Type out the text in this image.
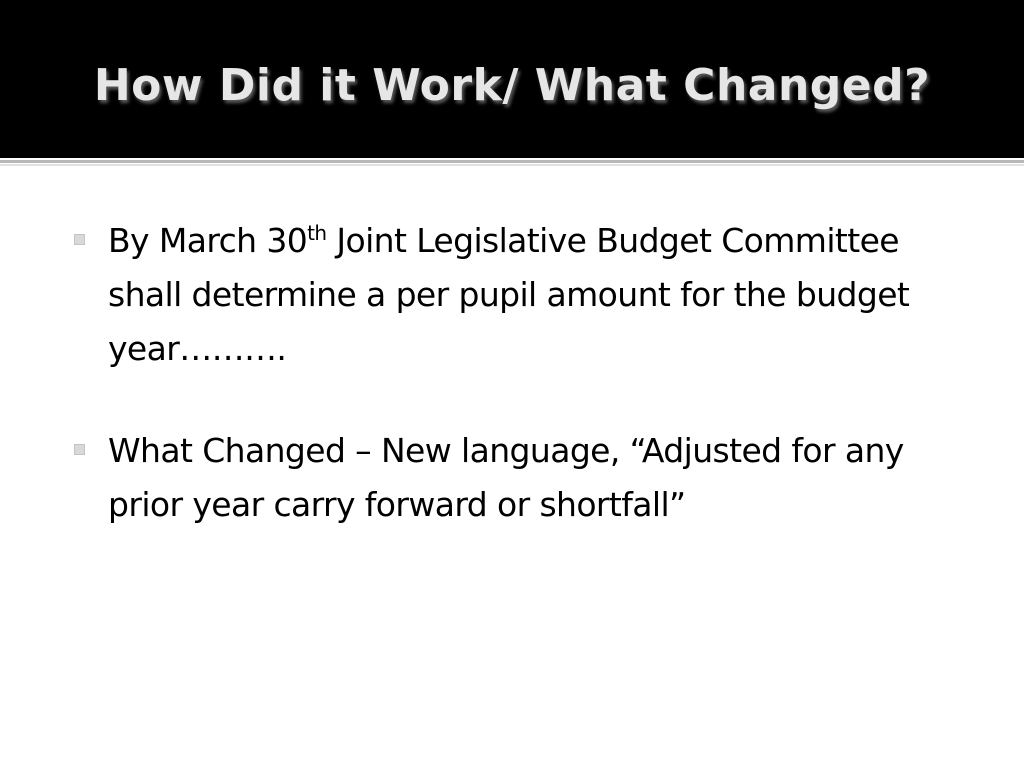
How Did it Work/ What Changed?
By March 30th Joint Legislative Budget Committee shall determine a per pupil amount for the budget year……….
What Changed – New language, “Adjusted for any prior year carry forward or shortfall”
